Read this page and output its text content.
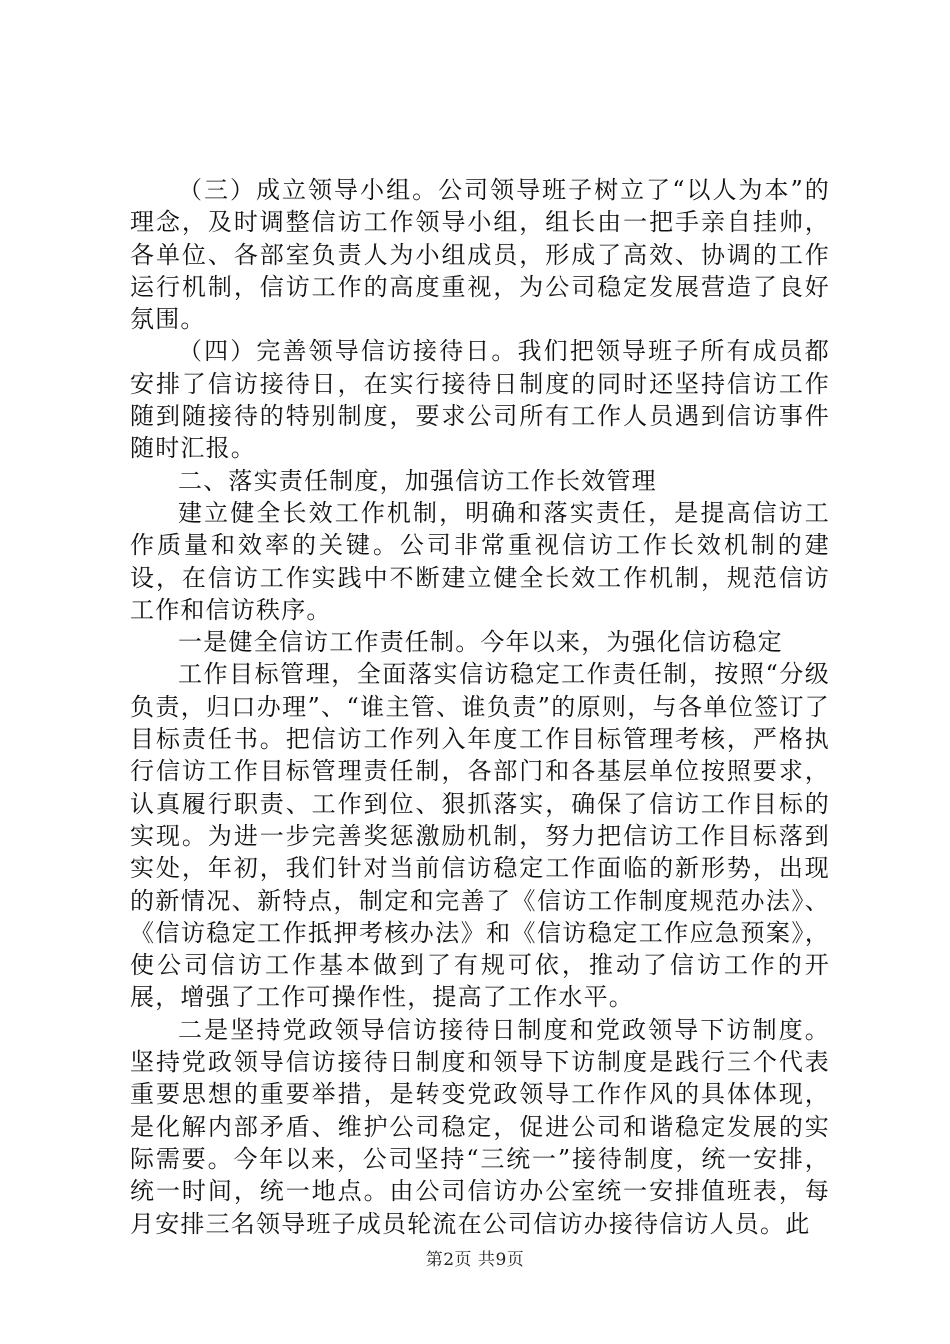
（三）成立领导小组。公司领导班子树立了“以人为本”的理念，及时调整信访工作领导小组，组长由一把手亲自挂帅，各单位、各部室负责人为小组成员，形成了高效、协调的工作运行机制，信访工作的高度重视，为公司稳定发展营造了良好氛围。

（四）完善领导信访接待日。我们把领导班子所有成员都安排了信访接待日，在实行接待日制度的同时还坚持信访工作随到随接待的特别制度，要求公司所有工作人员遇到信访事件随时汇报。

二、落实责任制度，加强信访工作长效管理

建立健全长效工作机制，明确和落实责任，是提高信访工作质量和效率的关键。公司非常重视信访工作长效机制的建设，在信访工作实践中不断建立健全长效工作机制，规范信访工作和信访秩序。

一是健全信访工作责任制。今年以来，为强化信访稳定

工作目标管理，全面落实信访稳定工作责任制，按照“分级负责，归口办理”、“谁主管、谁负责”的原则，与各单位签订了目标责任书。把信访工作列入年度工作目标管理考核，严格执行信访工作目标管理责任制，各部门和各基层单位按照要求，认真履行职责、工作到位、狠抓落实，确保了信访工作目标的实现。为进一步完善奖惩激励机制，努力把信访工作目标落到实处，年初，我们针对当前信访稳定工作面临的新形势，出现的新情况、新特点，制定和完善了《信访工作制度规范办法》、《信访稳定工作抵押考核办法》和《信访稳定工作应急预案》，使公司信访工作基本做到了有规可依，推动了信访工作的开展，增强了工作可操作性，提高了工作水平。

二是坚持党政领导信访接待日制度和党政领导下访制度。坚持党政领导信访接待日制度和领导下访制度是践行三个代表重要思想的重要举措，是转变党政领导工作作风的具体体现，是化解内部矛盾、维护公司稳定，促进公司和谐稳定发展的实际需要。今年以来，公司坚持“三统一”接待制度，统一安排，统一时间，统一地点。由公司信访办公室统一安排值班表，每月安排三名领导班子成员轮流在公司信访办接待信访人员。此

第2页 共9页
